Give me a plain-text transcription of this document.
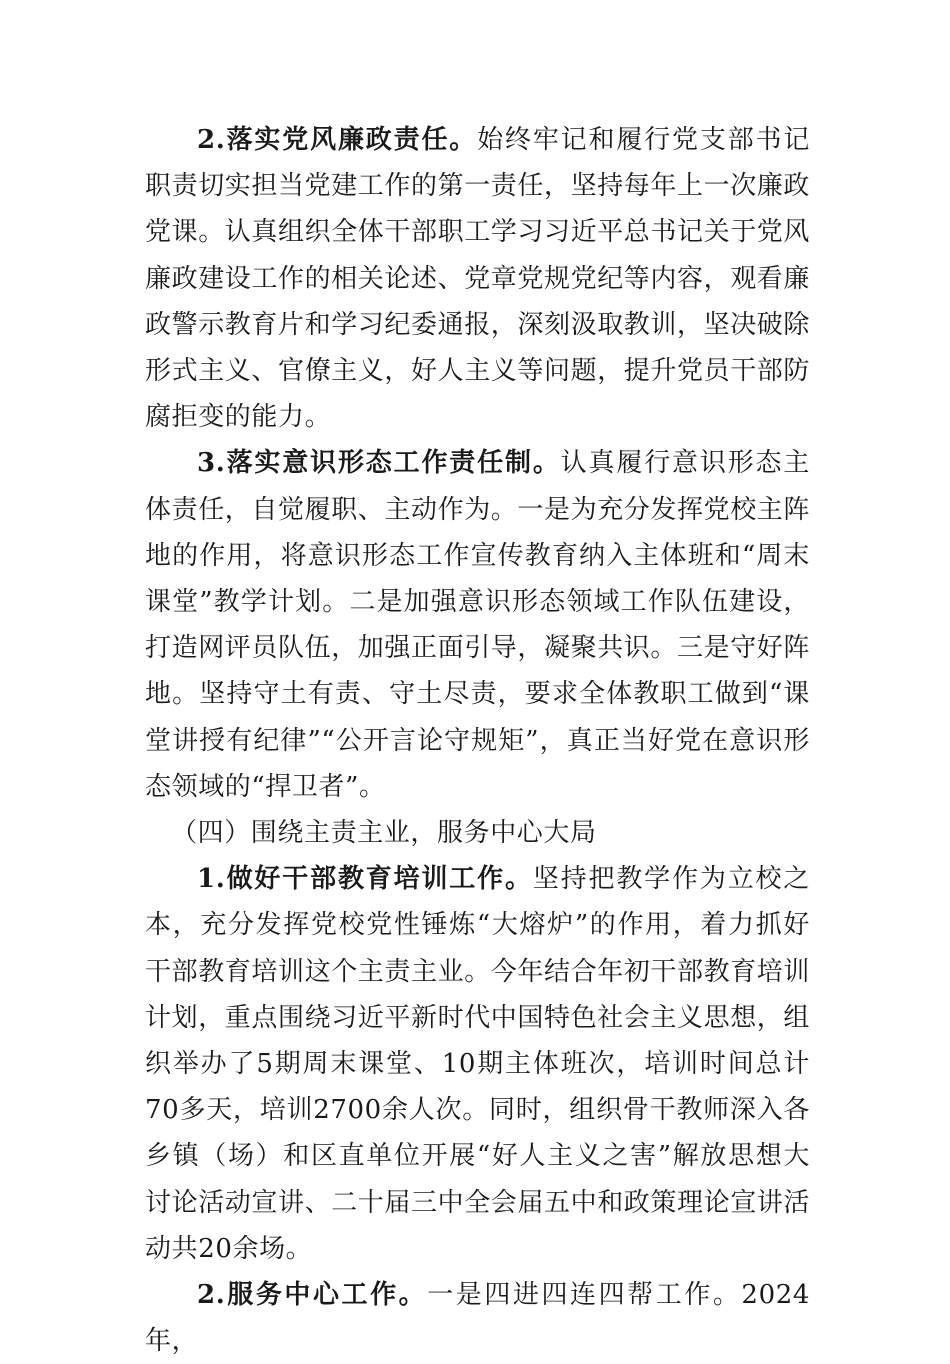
2.落实党风廉政责任。始终牢记和履行党支部书记职责切实担当党建工作的第一责任，坚持每年上一次廉政党课。认真组织全体干部职工学习习近平总书记关于党风廉政建设工作的相关论述、党章党规党纪等内容，观看廉政警示教育片和学习纪委通报，深刻汲取教训，坚决破除形式主义、官僚主义，好人主义等问题，提升党员干部防腐拒变的能力。

3.落实意识形态工作责任制。认真履行意识形态主体责任，自觉履职、主动作为。一是为充分发挥党校主阵地的作用，将意识形态工作宣传教育纳入主体班和“周末课堂”教学计划。二是加强意识形态领域工作队伍建设，打造网评员队伍，加强正面引导，凝聚共识。三是守好阵地。坚持守土有责、守土尽责，要求全体教职工做到“课堂讲授有纪律”“公开言论守规矩”，真正当好党在意识形态领域的“捍卫者”。

（四）围绕主责主业，服务中心大局

1.做好干部教育培训工作。坚持把教学作为立校之本，充分发挥党校党性锤炼“大熔炉”的作用，着力抓好干部教育培训这个主责主业。今年结合年初干部教育培训计划，重点围绕习近平新时代中国特色社会主义思想，组织举办了5期周末课堂、10期主体班次，培训时间总计70多天，培训2700余人次。同时，组织骨干教师深入各乡镇（场）和区直单位开展“好人主义之害”解放思想大讨论活动宣讲、二十届三中全会届五中和政策理论宣讲活动共20余场。

2.服务中心工作。一是四进四连四帮工作。2024年，
